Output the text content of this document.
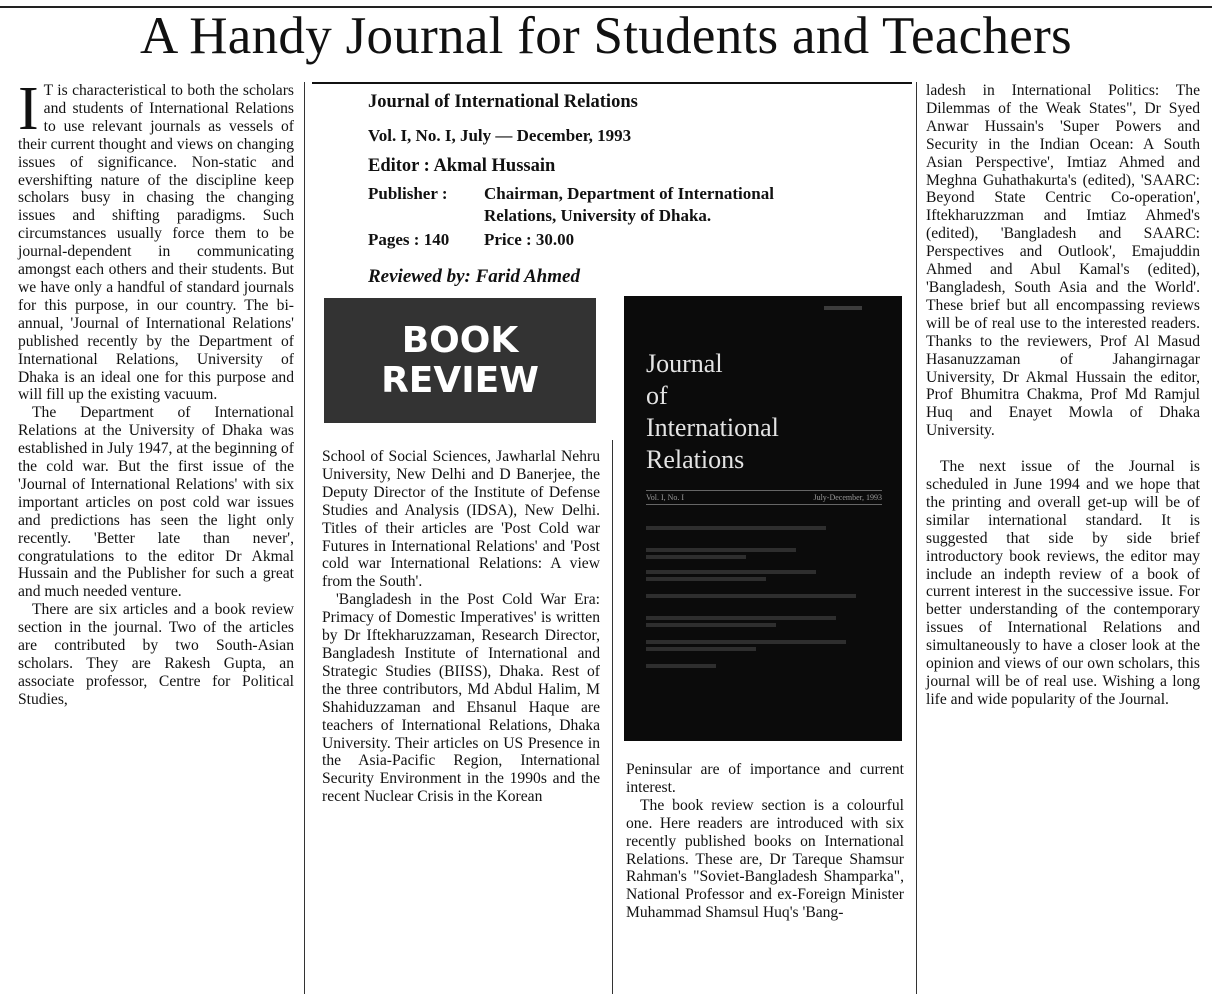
A Handy Journal for Students and Teachers
I T is characteristical to both the scholars and students of International Relations to use relevant journals as vessels of their current thought and views on changing issues of significance. Non-static and evershifting nature of the discipline keep scholars busy in chasing the changing issues and shifting paradigms. Such circumstances usually force them to be journal-dependent in communicating amongst each others and their students. But we have only a handful of standard journals for this purpose, in our country. The bi-annual, 'Journal of International Relations' published recently by the Department of International Relations, University of Dhaka is an ideal one for this purpose and will fill up the existing vacuum.

The Department of International Relations at the University of Dhaka was established in July 1947, at the beginning of the cold war. But the first issue of the 'Journal of International Relations' with six important articles on post cold war issues and predictions has seen the light only recently. 'Better late than never', congratulations to the editor Dr Akmal Hussain and the Publisher for such a great and much needed venture.

There are six articles and a book review section in the journal. Two of the articles are contributed by two South-Asian scholars. They are Rakesh Gupta, an associate professor, Centre for Political Studies,

Journal of International Relations
Vol. I, No. I, July — December, 1993
Editor : Akmal Hussain
Publisher : Chairman, Department of International
Relations, University of Dhaka.
Pages : 140 Price : 30.00
Reviewed by: Farid Ahmed
BOOK
REVIEW	Journal
of
International
Relations
Vol. I, No. I	July-December, 1993

School of Social Sciences, Jawharlal Nehru University, New Delhi and D Banerjee, the Deputy Director of the Institute of Defense Studies and Analysis (IDSA), New Delhi. Titles of their articles are 'Post Cold war Futures in International Relations' and 'Post cold war International Relations: A view from the South'.

'Bangladesh in the Post Cold War Era: Primacy of Domestic Imperatives' is written by Dr Iftekharuzzaman, Research Director, Bangladesh Institute of International and Strategic Studies (BIISS), Dhaka. Rest of the three contributors, Md Abdul Halim, M Shahiduzzaman and Ehsanul Haque are teachers of International Relations, Dhaka University. Their articles on US Presence in the Asia-Pacific Region, International Security Environment in the 1990s and the recent Nuclear Crisis in the Korean

Peninsular are of importance and current interest.

The book review section is a colourful one. Here readers are introduced with six recently published books on International Relations. These are, Dr Tareque Shamsur Rahman's "Soviet-Bangladesh Shamparka", National Professor and ex-Foreign Minister Muhammad Shamsul Huq's 'Bang-

ladesh in International Politics: The Dilemmas of the Weak States", Dr Syed Anwar Hussain's 'Super Powers and Security in the Indian Ocean: A South Asian Perspective', Imtiaz Ahmed and Meghna Guhathakurta's (edited), 'SAARC: Beyond State Centric Co-operation', Iftekharuzzman and Imtiaz Ahmed's (edited), 'Bangladesh and SAARC: Perspectives and Outlook', Emajuddin Ahmed and Abul Kamal's (edited), 'Bangladesh, South Asia and the World'. These brief but all encompassing reviews will be of real use to the interested readers. Thanks to the reviewers, Prof Al Masud Hasanuzzaman of Jahangirnagar University, Dr Akmal Hussain the editor, Prof Bhumitra Chakma, Prof Md Ramjul Huq and Enayet Mowla of Dhaka University.

The next issue of the Journal is scheduled in June 1994 and we hope that the printing and overall get-up will be of similar international standard. It is suggested that side by side brief introductory book reviews, the editor may include an indepth review of a book of current interest in the successive issue. For better understanding of the contemporary issues of International Relations and simultaneously to have a closer look at the opinion and views of our own scholars, this journal will be of real use. Wishing a long life and wide popularity of the Journal.
